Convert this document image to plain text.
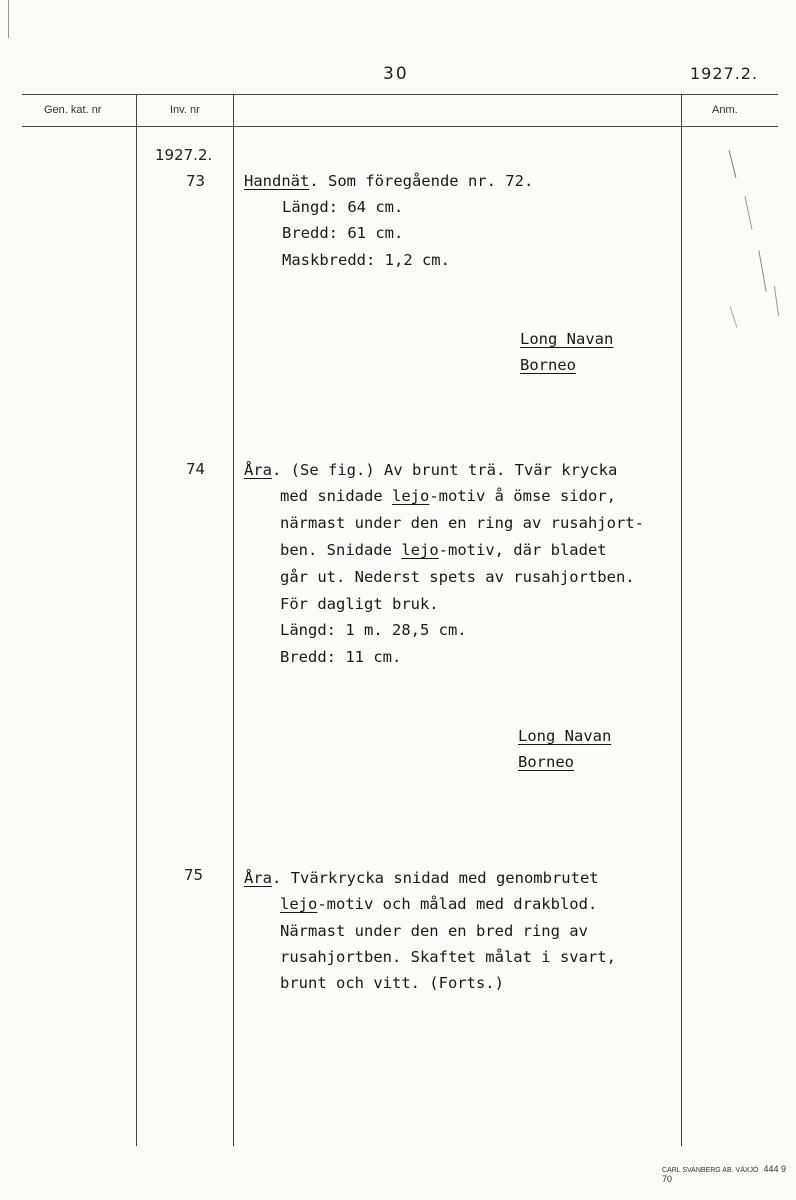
30	1927.2.
Gen. kat. nr	Inv. nr	Anm.
1927.2.
73	Handnät. Som föregående nr. 72.
Längd: 64 cm.
Bredd: 61 cm.
Maskbredd: 1,2 cm.
Long Navan
Borneo
74	Åra. (Se fig.) Av brunt trä. Tvär krycka
med snidade lejo-motiv å ömse sidor,
närmast under den en ring av rusahjort-
ben. Snidade lejo-motiv, där bladet
går ut. Nederst spets av rusahjortben.
För dagligt bruk.
Längd: 1 m. 28,5 cm.
Bredd: 11 cm.
Long Navan
Borneo
75	Åra. Tvärkrycka snidad med genombrutet
lejo-motiv och målad med drakblod.
Närmast under den en bred ring av
rusahjortben. Skaftet målat i svart,
brunt och vitt. (Forts.)
CARL SVANBERG AB. VÄXJÖ 444 9 70
